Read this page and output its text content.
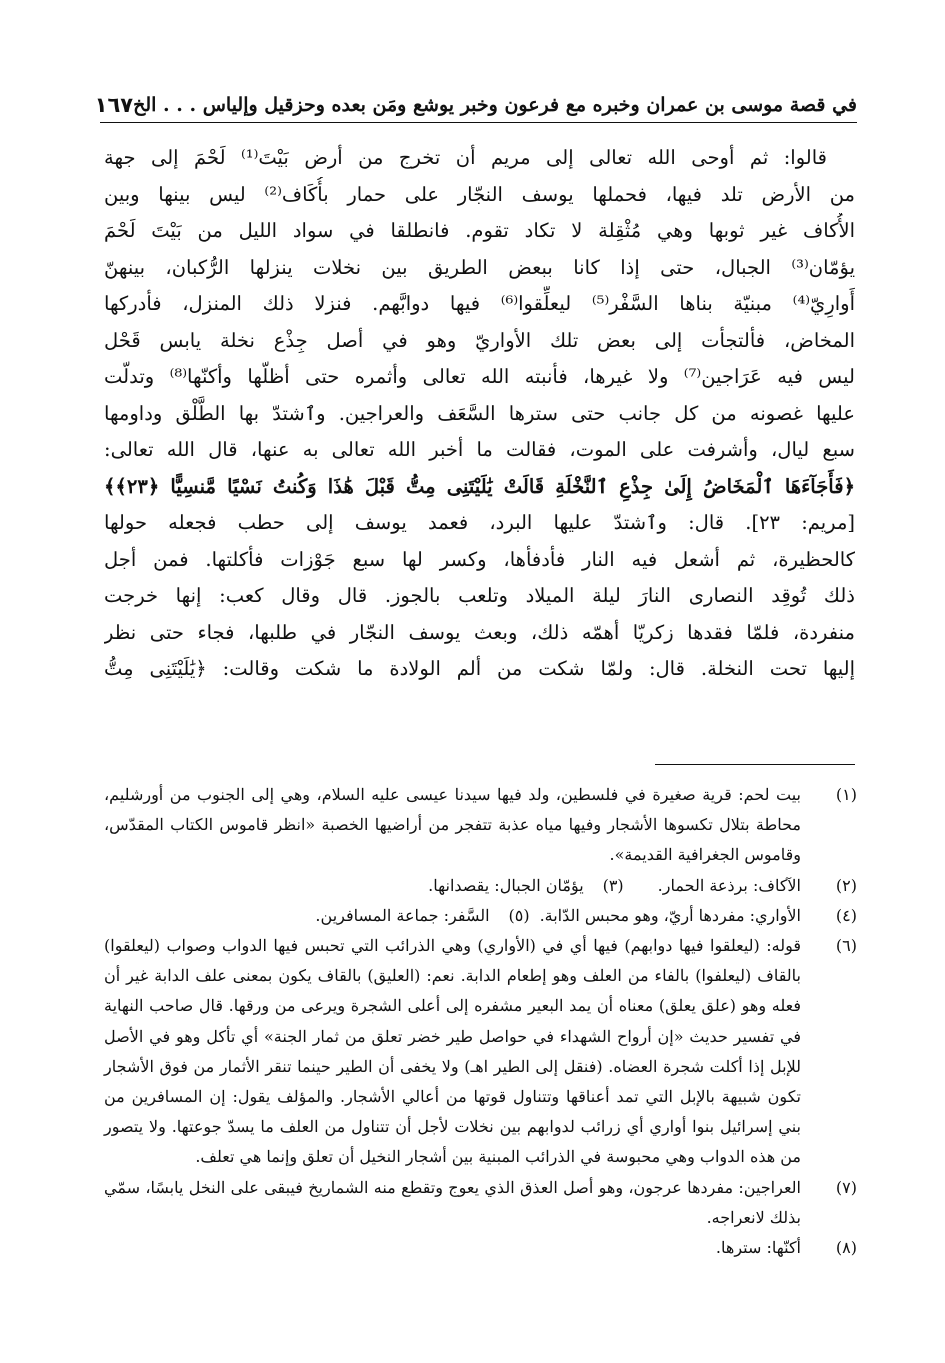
في قصة موسى بن عمران وخبره مع فرعون وخبر يوشع ومَن بعده وحزقيل وإلياس . . . الخ
١٦٧
قالوا: ثم أوحى الله تعالى إلى مريم أن تخرج من أرض بَيْتَ⁽¹⁾ لَحْمَ إلى جهة
من الأرض تلد فيها، فحملها يوسف النجّار على حمار بأُكَاف⁽²⁾ ليس بينها وبين
الأُكاف غير ثوبها وهي مُثْقِلة لا تكاد تقوم. فانطلقا في سواد الليل من بَيْتَ لَحْمَ
يؤمّان⁽³⁾ الجبال، حتى إذا كانا ببعض الطريق بين نخلات ينزلها الرُّكبان، بينهنّ
أَوارِيّ⁽⁴⁾ مبنيّة بناها السَّفْر⁽⁵⁾ ليعلِّقوا⁽⁶⁾ فيها دوابَّهم. فنزلا ذلك المنزل، فأدركها
المخاض، فألتجأت إلى بعض تلك الأواريّ وهو في أصل جِذْع نخلة يابس قَحْل
ليس فيه عَرَاجين⁽⁷⁾ ولا غيرها، فأنبته الله تعالى وأثمره حتى أظلّها وأكنّها⁽⁸⁾ وتدلّت
عليها غصونه من كل جانب حتى سترها السَّعَف والعراجين. وٱشتدّ بها الطَّلْق وداومها
سبع ليال، وأشرفت على الموت، فقالت ما أخبر الله تعالى به عنها، قال الله تعالى:
﴿فَأَجَآءَهَا ٱلْمَخَاضُ إِلَىٰ جِذْعِ ٱلنَّخْلَةِ قَالَتْ يَٰلَيْتَنِى مِتُّ قَبْلَ هَٰذَا وَكُنتُ نَسْيًا مَّنسِيًّا ﴿٢٣﴾﴾
[مريم: ٢٣]. قال: وٱشتدّ عليها البرد، فعمد يوسف إلى حطب فجعله حولها
كالحظيرة، ثم أشعل فيه النار فأدفأها، وكسر لها سبع جَوْزات فأكلتها. فمن أجل
ذلك تُوقِد النصارى النارَ ليلة الميلاد وتلعب بالجوز. قال وقال كعب: إنها خرجت
منفردة، فلمّا فقدها زكريّا أهمّه ذلك، وبعث يوسف النجّار في طلبها، فجاء حتى نظر
إليها تحت النخلة. قال: ولمّا شكت من ألم الولادة ما شكت وقالت: ﴿يَٰلَيْتَنِى مِتُّ
(١)
بيت لحم: قرية صغيرة في فلسطين، ولد فيها سيدنا عيسى عليه السلام، وهي إلى الجنوب من أورشليم، محاطة بتلال تكسوها الأشجار وفيها مياه عذبة تتفجر من أراضيها الخصبة «انظر قاموس الكتاب المقدّس، وقاموس الجغرافية القديمة».
(٢)
الآكاف: برذعة الحمار.
(٣)
يؤمّان الجبال: يقصدانها.
(٤)
الأواري: مفردها أريّ، وهو محبس الدّابة.
(٥)
السَّفر: جماعة المسافرين.
(٦)
قوله: (ليعلقوا فيها دوابهم) فيها أي في (الأواري) وهي الذرائب التي تحبس فيها الدواب وصواب (ليعلقوا) بالقاف (ليعلفوا) بالفاء من العلف وهو إطعام الدابة. نعم: (العليق) بالقاف يكون بمعنى علف الدابة غير أن فعله وهو (علق يعلق) معناه أن يمد البعير مشفره إلى أعلى الشجرة ويرعى من ورقها. قال صاحب النهاية في تفسير حديث «إن أرواح الشهداء في حواصل طير خضر تعلق من ثمار الجنة» أي تأكل وهو في الأصل للإبل إذا أكلت شجرة العضاه. (فنقل إلى الطير اهـ) ولا يخفى أن الطير حينما تنقر الأثمار من فوق الأشجار تكون شبيهة بالإبل التي تمد أعناقها وتتناول قوتها من أعالي الأشجار. والمؤلف يقول: إن المسافرين من بني إسرائيل بنوا أواري أي زرائب لدوابهم بين نخلات لأجل أن تتناول من العلف ما يسدّ جوعتها. ولا يتصور من هذه الدواب وهي محبوسة في الذرائب المبنية بين أشجار النخيل أن تعلق وإنما هي تعلف.
(٧)
العراجين: مفردها عرجون، وهو أصل العذق الذي يعوج وتقطع منه الشماريخ فيبقى على النخل يابسًا، سمّي بذلك لانعراجه.
(٨)
أكنّها: سترها.
